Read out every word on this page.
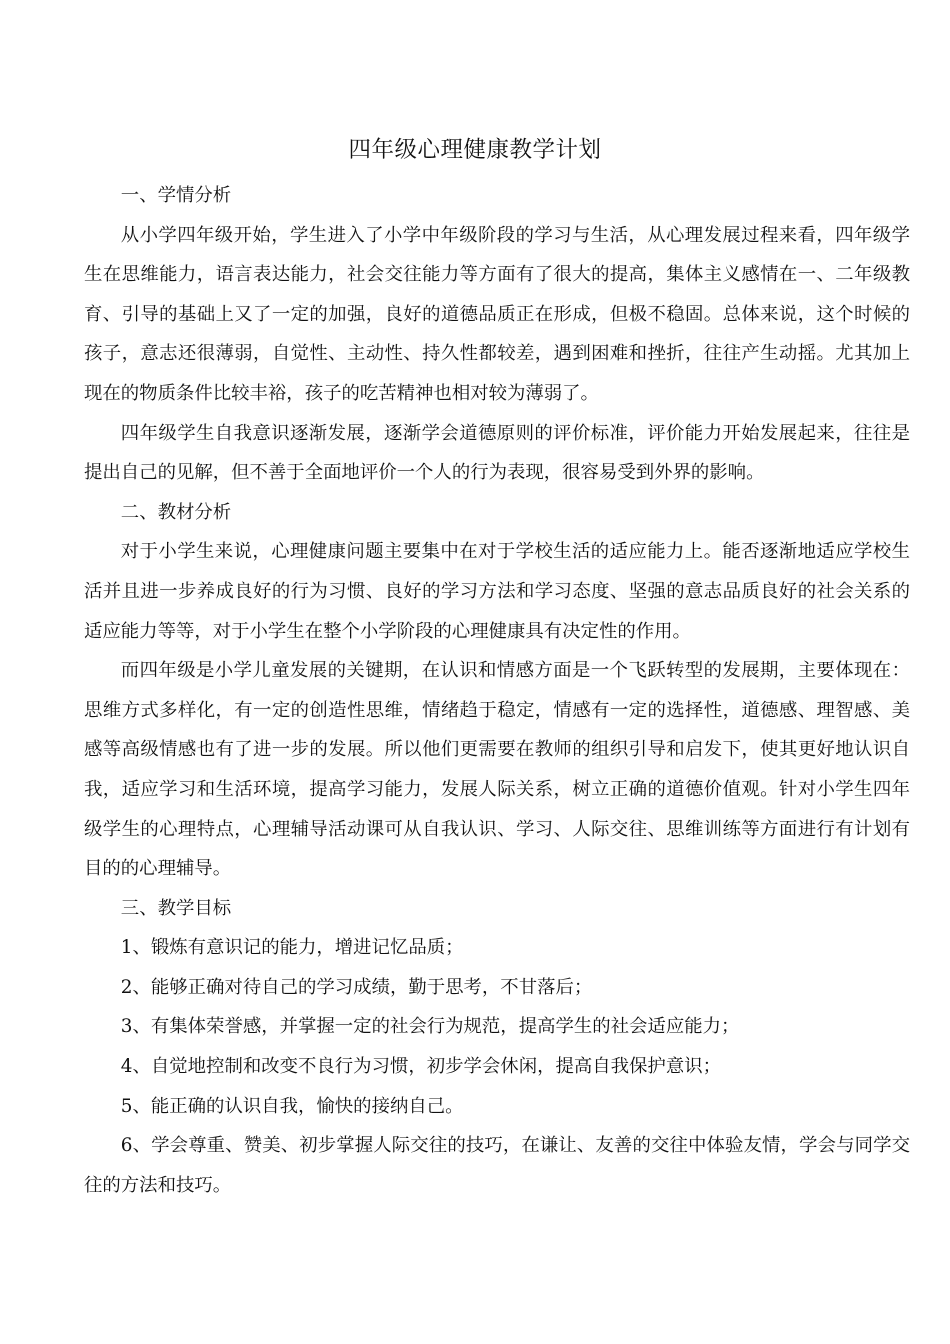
四年级心理健康教学计划

一、学情分析

从小学四年级开始，学生进入了小学中年级阶段的学习与生活，从心理发展过程来看，四年级学生在思维能力，语言表达能力，社会交往能力等方面有了很大的提高，集体主义感情在一、二年级教育、引导的基础上又了一定的加强，良好的道德品质正在形成，但极不稳固。总体来说，这个时候的孩子，意志还很薄弱，自觉性、主动性、持久性都较差，遇到困难和挫折，往往产生动摇。尤其加上现在的物质条件比较丰裕，孩子的吃苦精神也相对较为薄弱了。

四年级学生自我意识逐渐发展，逐渐学会道德原则的评价标准，评价能力开始发展起来，往往是提出自己的见解，但不善于全面地评价一个人的行为表现，很容易受到外界的影响。

二、教材分析

对于小学生来说，心理健康问题主要集中在对于学校生活的适应能力上。能否逐渐地适应学校生活并且进一步养成良好的行为习惯、良好的学习方法和学习态度、坚强的意志品质良好的社会关系的适应能力等等，对于小学生在整个小学阶段的心理健康具有决定性的作用。

而四年级是小学儿童发展的关键期，在认识和情感方面是一个飞跃转型的发展期，主要体现在：思维方式多样化，有一定的创造性思维，情绪趋于稳定，情感有一定的选择性，道德感、理智感、美感等高级情感也有了进一步的发展。所以他们更需要在教师的组织引导和启发下，使其更好地认识自我，适应学习和生活环境，提高学习能力，发展人际关系，树立正确的道德价值观。针对小学生四年级学生的心理特点，心理辅导活动课可从自我认识、学习、人际交往、思维训练等方面进行有计划有目的的心理辅导。

三、教学目标

1、锻炼有意识记的能力，增进记忆品质；

2、能够正确对待自己的学习成绩，勤于思考，不甘落后；

3、有集体荣誉感，并掌握一定的社会行为规范，提高学生的社会适应能力；

4、自觉地控制和改变不良行为习惯，初步学会休闲，提高自我保护意识；

5、能正确的认识自我，愉快的接纳自己。

6、学会尊重、赞美、初步掌握人际交往的技巧，在谦让、友善的交往中体验友情，学会与同学交往的方法和技巧。
